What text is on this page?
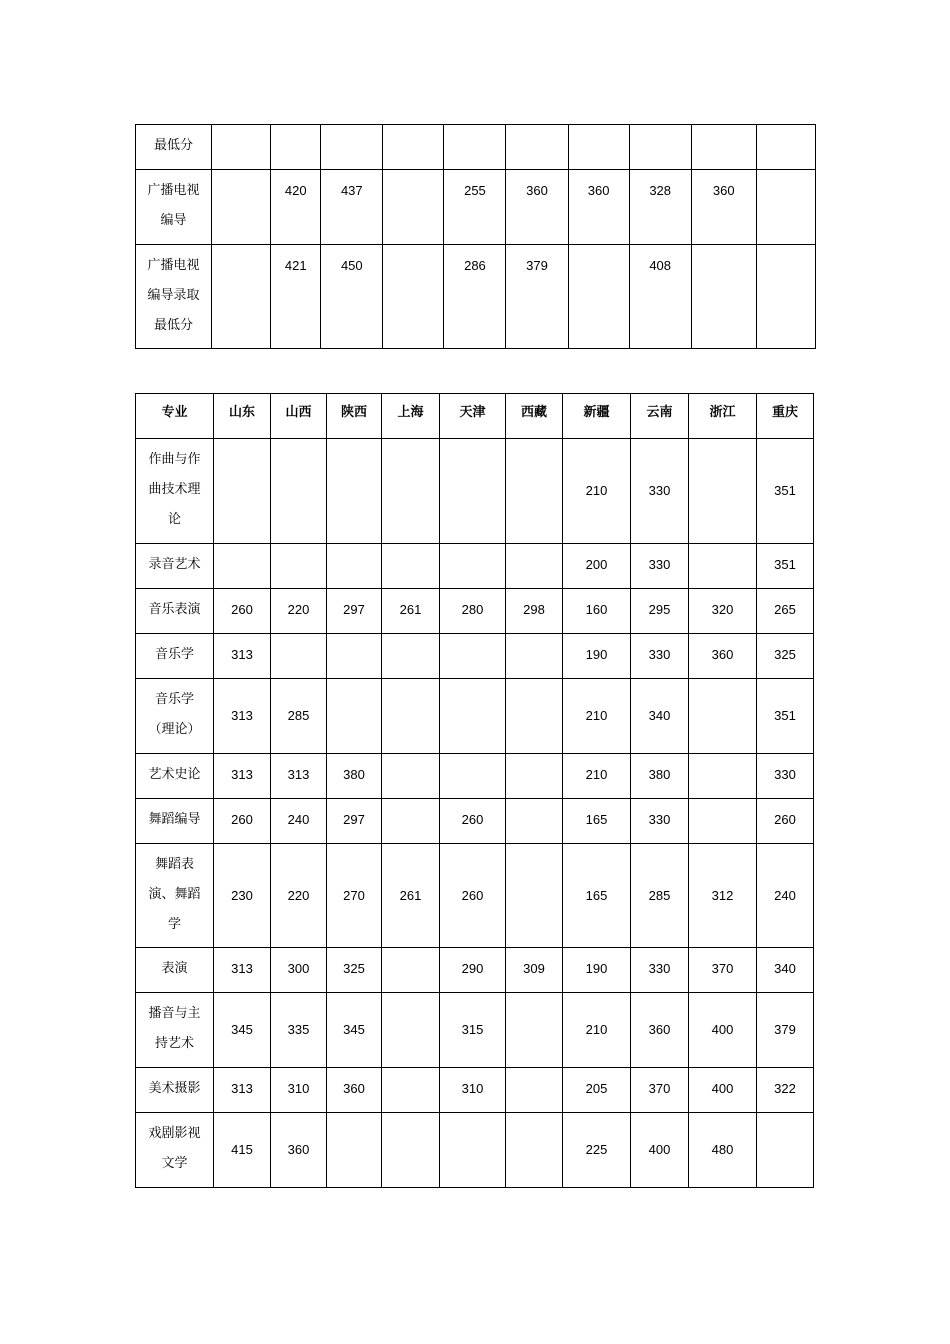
最低分										

广播电视编导		420	437		255	360	360	328	360	

广播电视编导录取最低分		421	450		286	379		408		
专业	山东	山西	陕西	上海	天津	西藏	新疆	云南	浙江	重庆

作曲与作曲技术理论							210	330		351

录音艺术							200	330		351

音乐表演	260	220	297	261	280	298	160	295	320	265

音乐学	313						190	330	360	325

音乐学（理论）	313	285					210	340		351

艺术史论	313	313	380				210	380		330

舞蹈编导	260	240	297		260		165	330		260

舞蹈表演、舞蹈学	230	220	270	261	260		165	285	312	240

表演	313	300	325		290	309	190	330	370	340

播音与主持艺术	345	335	345		315		210	360	400	379

美术摄影	313	310	360		310		205	370	400	322

戏剧影视文学	415	360					225	400	480	
